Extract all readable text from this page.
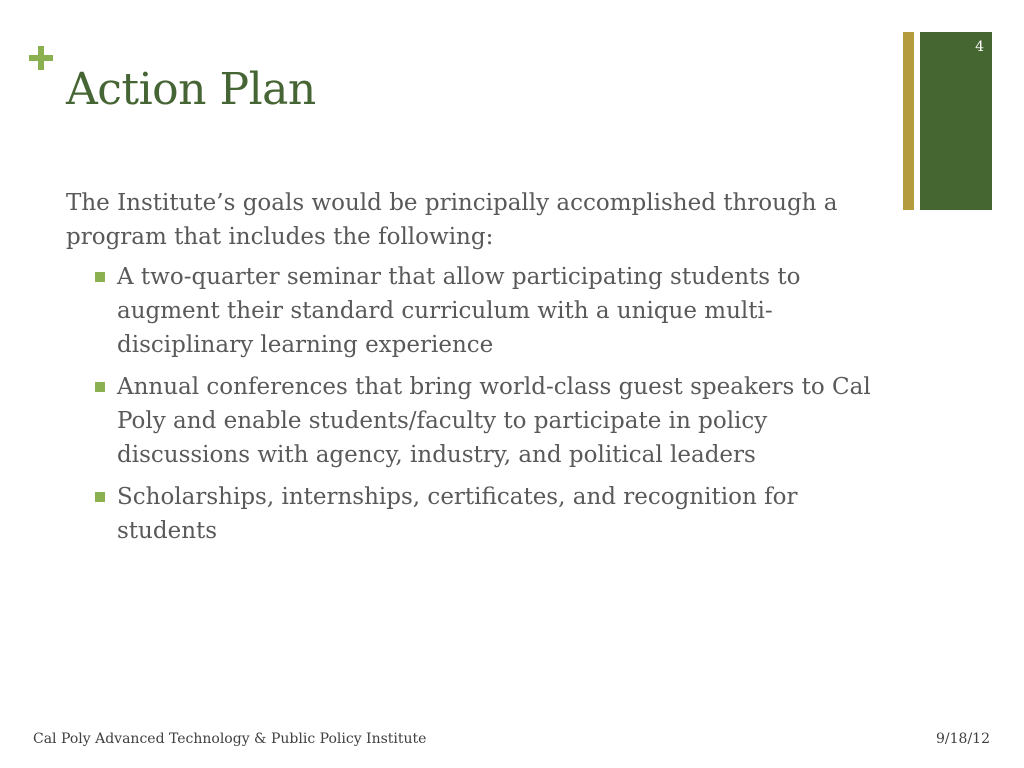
Action Plan
4

The Institute’s goals would be principally accomplished through a program that includes the following:

A two-quarter seminar that allow participating students to augment their standard curriculum with a unique multi-disciplinary learning experience
Annual conferences that bring world-class guest speakers to Cal Poly and enable students/faculty to participate in policy discussions with agency, industry, and political leaders
Scholarships, internships, certificates, and recognition for students
Cal Poly Advanced Technology & Public Policy Institute	9/18/12
